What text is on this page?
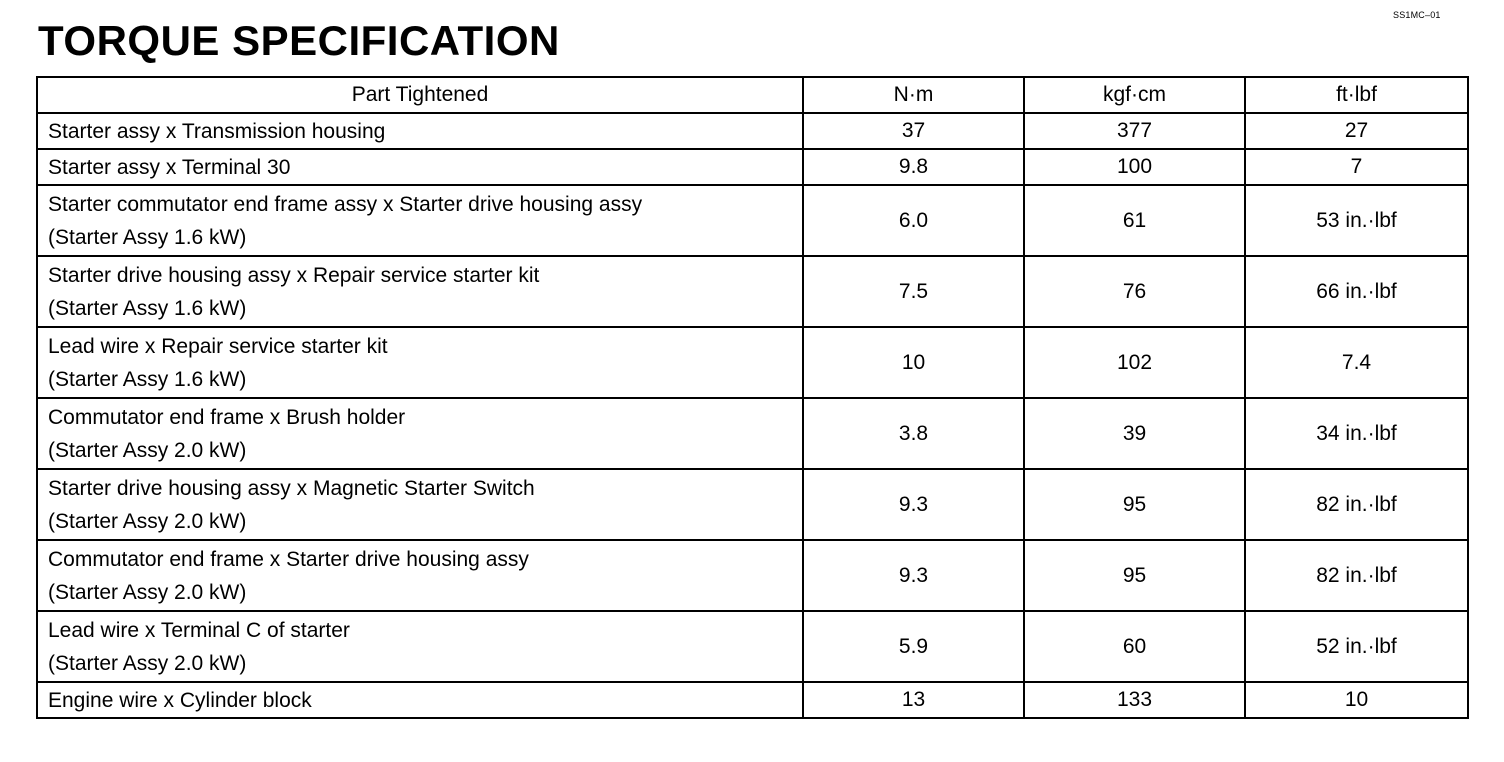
SS1MC–01
TORQUE SPECIFICATION
Part Tightened	N·m	kgf·cm	ft·lbf

Starter assy x Transmission housing	37	377	27

Starter assy x Terminal 30	9.8	100	7

Starter commutator end frame assy x Starter drive housing assy
(Starter Assy 1.6 kW)	6.0	61	53 in.·lbf

Starter drive housing assy x Repair service starter kit
(Starter Assy 1.6 kW)	7.5	76	66 in.·lbf

Lead wire x Repair service starter kit
(Starter Assy 1.6 kW)	10	102	7.4

Commutator end frame x Brush holder
(Starter Assy 2.0 kW)	3.8	39	34 in.·lbf

Starter drive housing assy x Magnetic Starter Switch
(Starter Assy 2.0 kW)	9.3	95	82 in.·lbf

Commutator end frame x Starter drive housing assy
(Starter Assy 2.0 kW)	9.3	95	82 in.·lbf

Lead wire x Terminal C of starter
(Starter Assy 2.0 kW)	5.9	60	52 in.·lbf

Engine wire x Cylinder block	13	133	10
